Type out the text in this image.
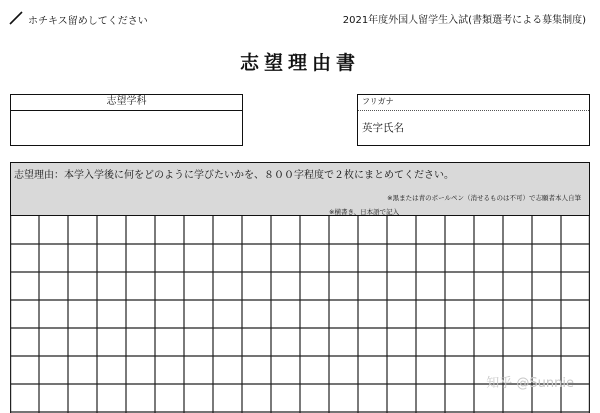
ホチキス留めしてください	2021年度外国人留学生入試(書類選考による募集制度)
志望理由書
志望学科	フリガナ
英字氏名
志望理由：本学入学後に何をどのように学びたいかを、８００字程度で２枚にまとめてください。
※黒または青のボールペン（消せるものは不可）で志願者本人自筆
※横書き、日本語で記入
知乎 @Sunnie
